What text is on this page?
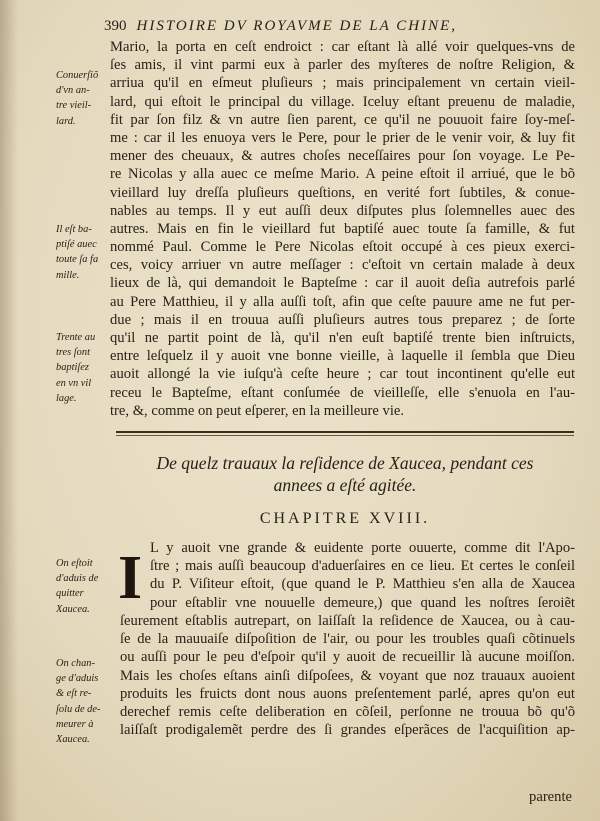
390 HISTOIRE DV ROYAVME DE LA CHINE,
Mario, la porta en ceſt endroict : car eſtant là allé voir quelques-vns de
ſes amis, il vint parmi eux à parler des myſteres de noſtre Religion, &
arriua qu'il en eſmeut pluſieurs ; mais principalement vn certain vieil-
lard, qui eſtoit le principal du village. Iceluy eſtant preuenu de maladie,
fit par ſon filz & vn autre ſien parent, ce qu'il ne pouuoit faire ſoy-meſ-
me : car il les enuoya vers le Pere, pour le prier de le venir voir, & luy fit
mener des cheuaux, & autres choſes neceſſaires pour ſon voyage. Le Pe-
re Nicolas y alla auec ce meſme Mario. A peine eſtoit il arriué, que le bõ
vieillard luy dreſſa pluſieurs queſtions, en verité fort ſubtiles, & conue-
nables au temps. Il y eut auſſi deux diſputes plus ſolemnelles auec des
autres. Mais en fin le vieillard fut baptiſé auec toute ſa famille, & fut
nommé Paul. Comme le Pere Nicolas eſtoit occupé à ces pieux exerci-
ces, voicy arriuer vn autre meſſager : c'eſtoit vn certain malade à deux
lieux de là, qui demandoit le Bapteſme : car il auoit deſia autrefois parlé
au Pere Matthieu, il y alla auſſi toſt, afin que ceſte pauure ame ne fut per-
due ; mais il en trouua auſſi pluſieurs autres tous preparez ; de ſorte
qu'il ne partit point de là, qu'il n'en euſt baptiſé trente bien inſtruicts,
entre leſquelz il y auoit vne bonne vieille, à laquelle il ſembla que Dieu
auoit allongé la vie iuſqu'à ceſte heure ; car tout incontinent qu'elle eut
receu le Bapteſme, eſtant conſumée de vieilleſſe, elle s'enuola en l'au-
tre, &, comme on peut eſperer, en la meilleure vie.
Conuerſiõ
d'vn an-
tre vieil-
lard.
Il eſt ba-
ptiſé auec
toute ſa fa
mille.
Trente au
tres ſont
baptiſez
en vn vil
lage.
De quelz trauaux la reſidence de Xaucea, pendant ces
annees a eſté agitée.
CHAPITRE XVIII.
I L y auoit vne grande & euidente porte ouuerte, comme dit l'Apo-
ſtre ; mais auſſi beaucoup d'aduerſaires en ce lieu. Et certes le conſeil
du P. Viſiteur eſtoit, (que quand le P. Matthieu s'en alla de Xaucea
pour eſtablir vne nouuelle demeure,) que quand les noſtres ſeroiẽt
ſeurement eſtablis autrepart, on laiſſaſt la reſidence de Xaucea, ou à cau-
ſe de la mauuaiſe diſpoſition de l'air, ou pour les troubles quaſi cõtinuels
ou auſſi pour le peu d'eſpoir qu'il y auoit de recueillir là aucune moiſſon.
Mais les choſes eſtans ainſi diſpoſees, & voyant que noz trauaux auoient
produits les fruicts dont nous auons preſentement parlé, apres qu'on eut
derechef remis ceſte deliberation en cõſeil, perſonne ne trouua bõ qu'õ
laiſſaſt prodigalemẽt perdre des ſi grandes eſperãces de l'acquiſition ap-
On eſtoit
d'aduis de
quitter
Xaucea.
On chan-
ge d'aduis
& eſt re-
ſolu de de-
meurer à
Xaucea.
parente
